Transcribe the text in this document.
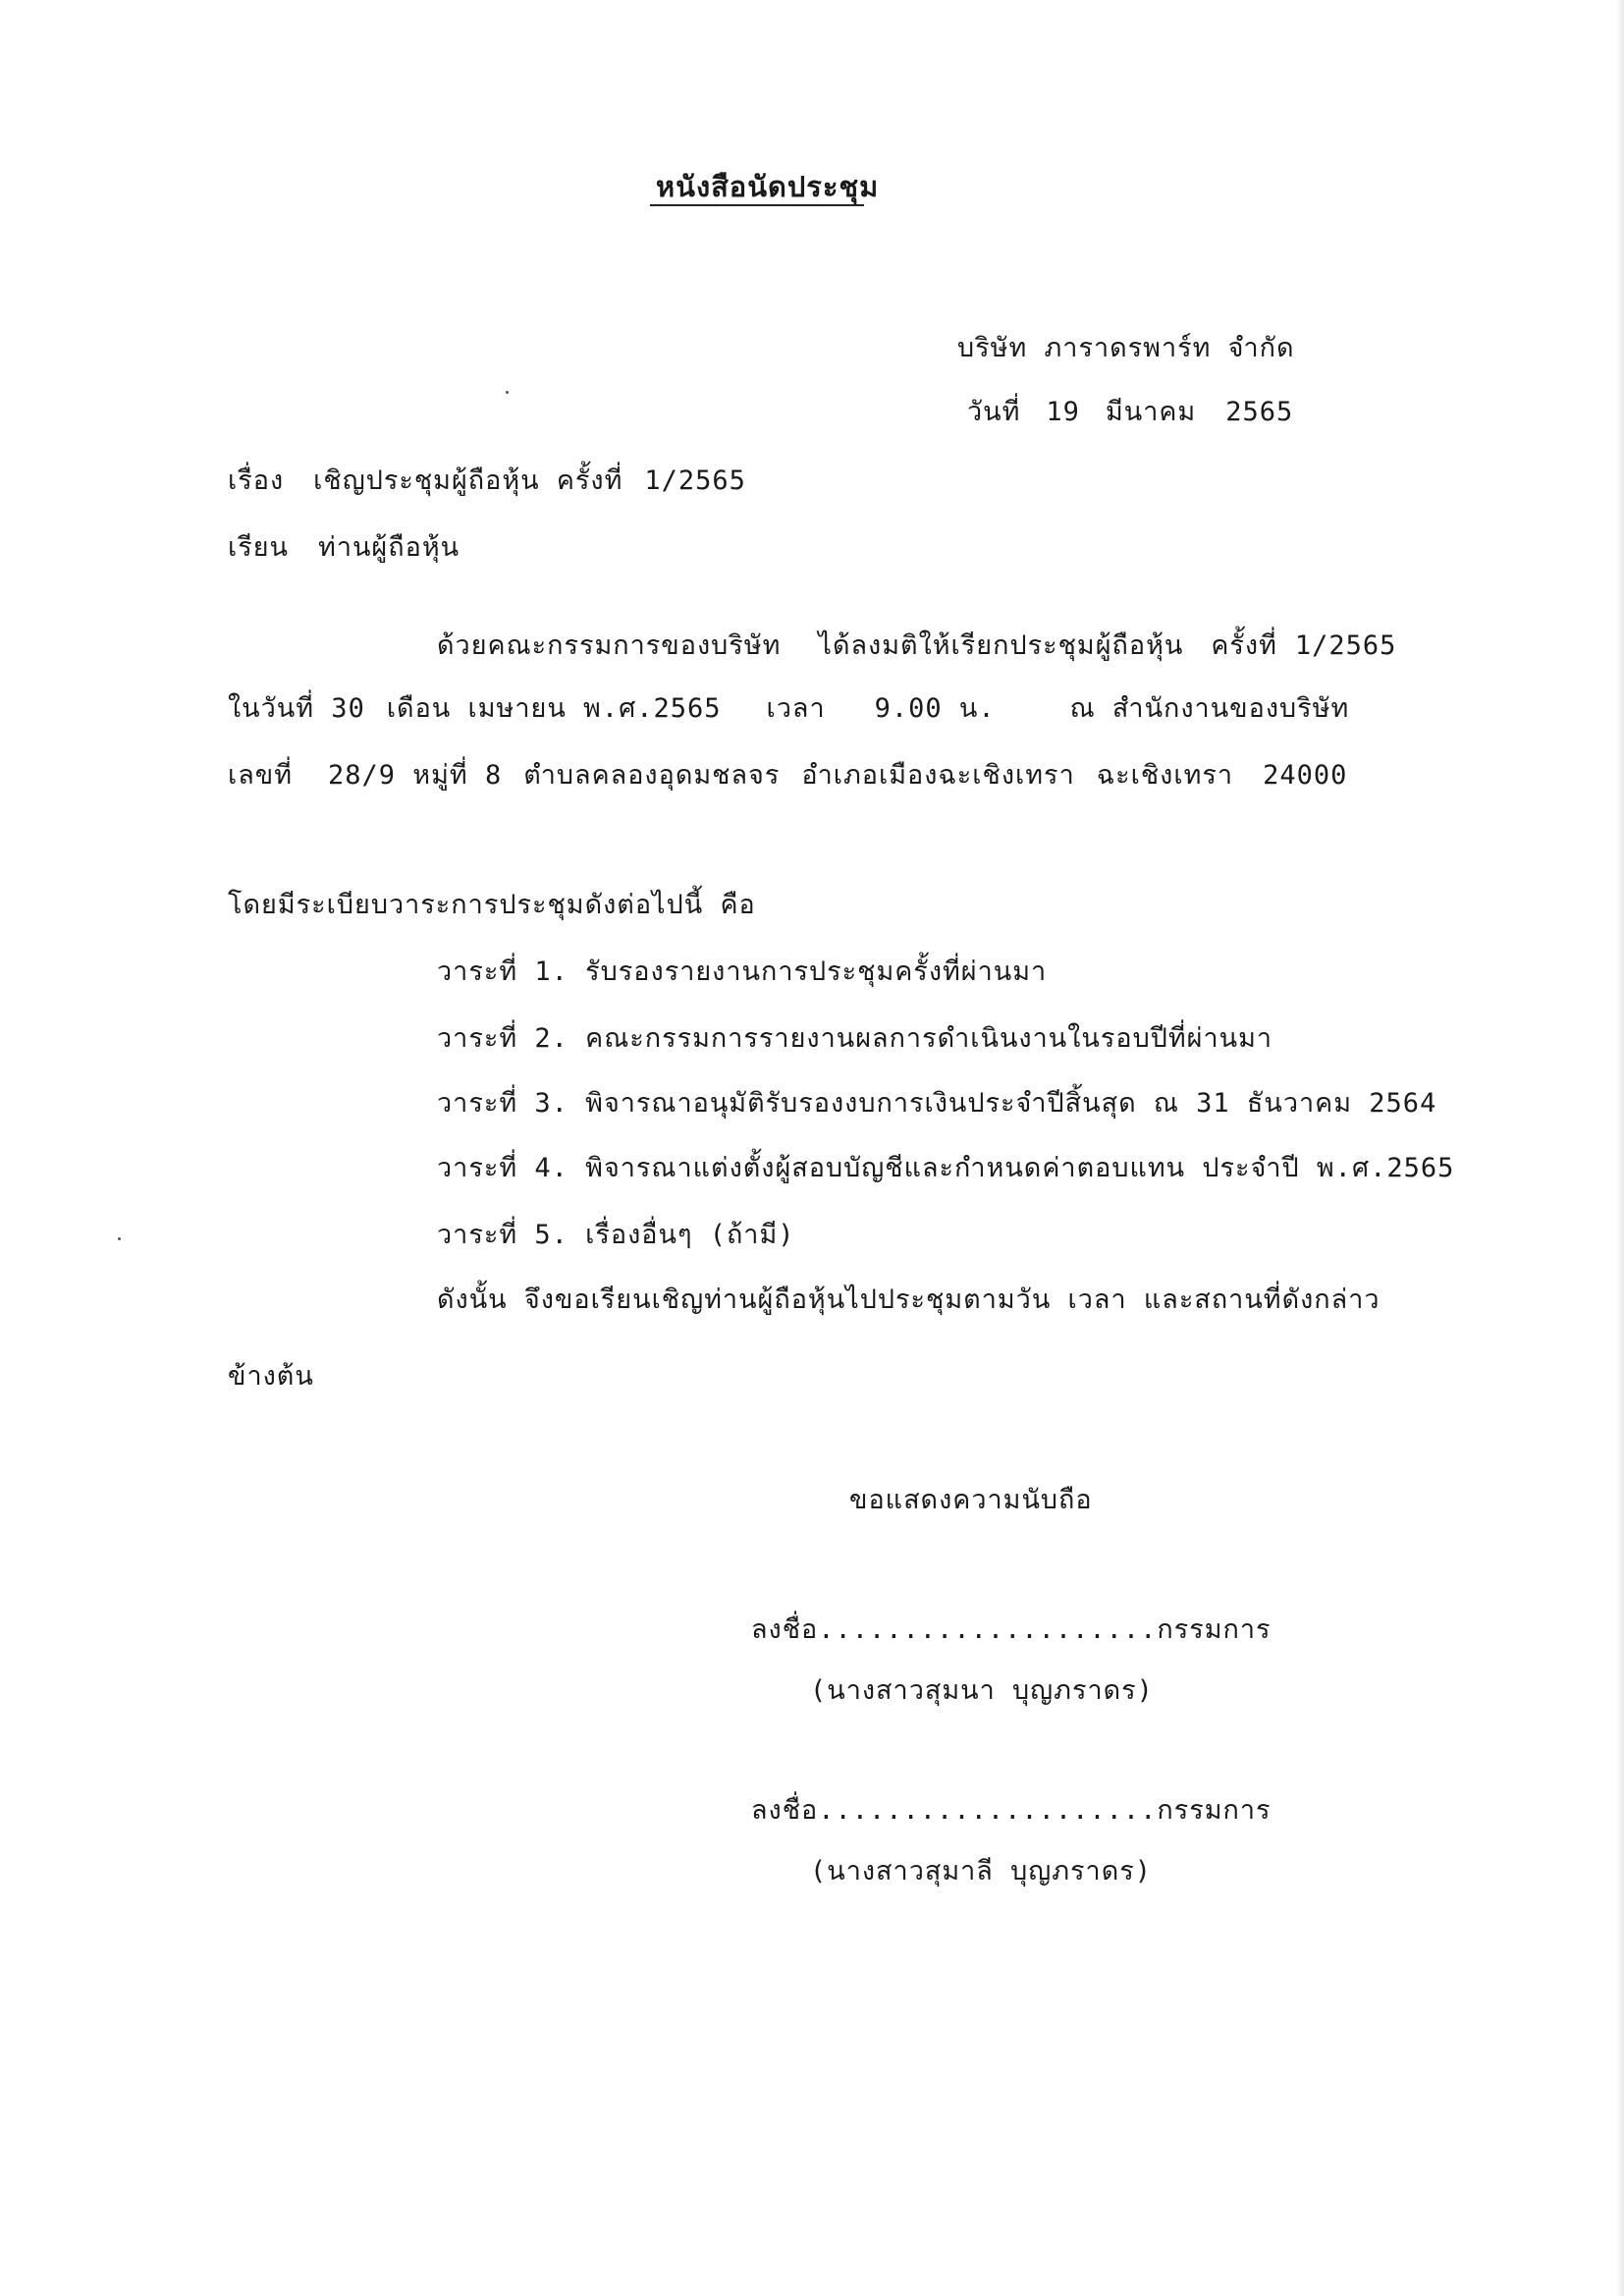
หนังสือนัดประชุม
บริษัท ภาราดรพาร์ท จำกัด
วันที่ 19 มีนาคม 2565
เรื่อง เชิญประชุมผู้ถือหุ้น ครั้งที่ 1/2565
เรียน ท่านผู้ถือหุ้น
ด้วยคณะกรรมการของบริษัท ได้ลงมติให้เรียกประชุมผู้ถือหุ้น ครั้งที่ 1/2565
ในวันที่ 30 เดือน เมษายน พ.ศ.2565 เวลา 9.00 น.	ณ สำนักงานของบริษัท
เลขที่ 28/9 หมู่ที่ 8 ตำบลคลองอุดมชลจร อำเภอเมืองฉะเชิงเทรา ฉะเชิงเทรา 24000
โดยมีระเบียบวาระการประชุมดังต่อไปนี้ คือ
วาระที่ 1. รับรองรายงานการประชุมครั้งที่ผ่านมา
วาระที่ 2. คณะกรรมการรายงานผลการดำเนินงานในรอบปีที่ผ่านมา
วาระที่ 3. พิจารณาอนุมัติรับรองงบการเงินประจำปีสิ้นสุด ณ 31 ธันวาคม 2564
วาระที่ 4. พิจารณาแต่งตั้งผู้สอบบัญชีและกำหนดค่าตอบแทน ประจำปี พ.ศ.2565
วาระที่ 5. เรื่องอื่นๆ (ถ้ามี)
ดังนั้น จึงขอเรียนเชิญท่านผู้ถือหุ้นไปประชุมตามวัน เวลา และสถานที่ดังกล่าว
ข้างต้น
ขอแสดงความนับถือ
ลงชื่อ....................กรรมการ
(นางสาวสุมนา บุญภราดร)
ลงชื่อ....................กรรมการ
(นางสาวสุมาลี บุญภราดร)
